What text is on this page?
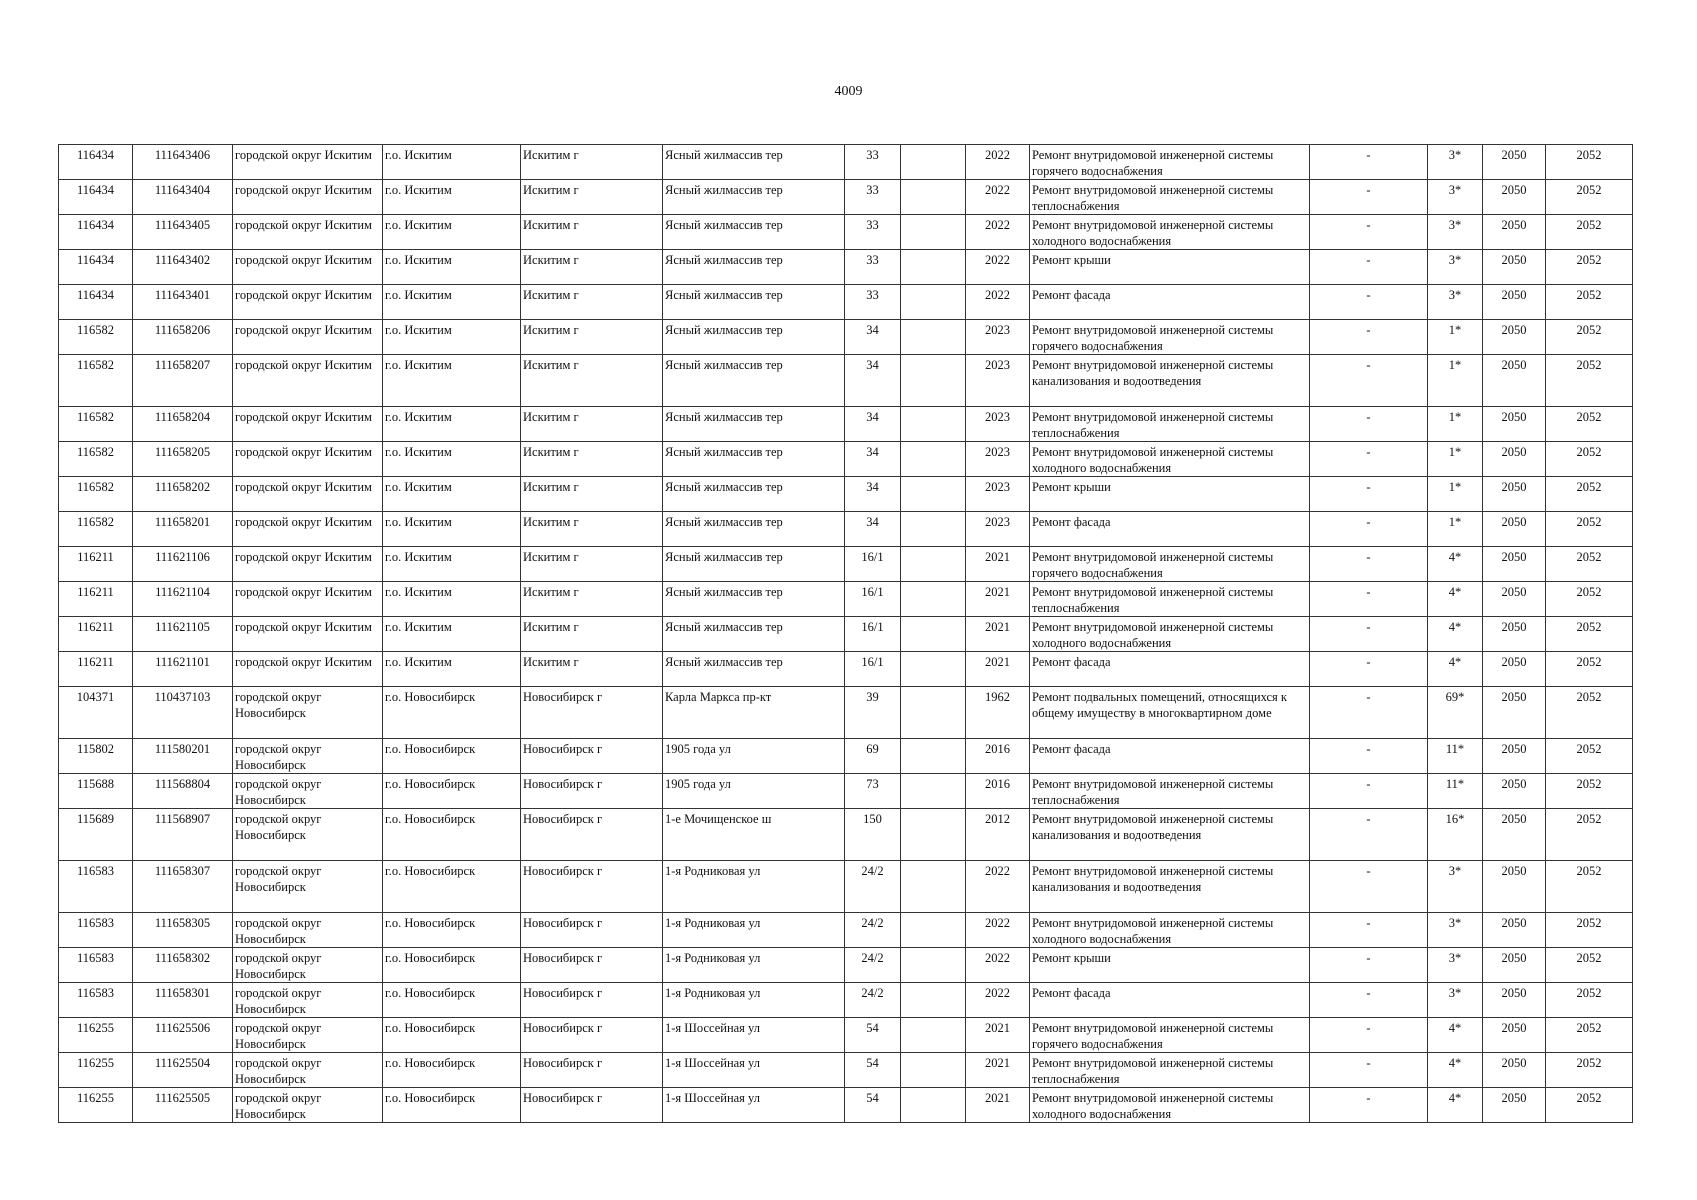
4009
116434	111643406	городской округ Искитим	г.о. Искитим	Искитим г	Ясный жилмассив тер	33		2022	Ремонт внутридомовой инженерной системы горячего водоснабжения	-	3*	2050	2052
116434	111643404	городской округ Искитим	г.о. Искитим	Искитим г	Ясный жилмассив тер	33		2022	Ремонт внутридомовой инженерной системы теплоснабжения	-	3*	2050	2052
116434	111643405	городской округ Искитим	г.о. Искитим	Искитим г	Ясный жилмассив тер	33		2022	Ремонт внутридомовой инженерной системы холодного водоснабжения	-	3*	2050	2052
116434	111643402	городской округ Искитим	г.о. Искитим	Искитим г	Ясный жилмассив тер	33		2022	Ремонт крыши	-	3*	2050	2052
116434	111643401	городской округ Искитим	г.о. Искитим	Искитим г	Ясный жилмассив тер	33		2022	Ремонт фасада	-	3*	2050	2052
116582	111658206	городской округ Искитим	г.о. Искитим	Искитим г	Ясный жилмассив тер	34		2023	Ремонт внутридомовой инженерной системы горячего водоснабжения	-	1*	2050	2052
116582	111658207	городской округ Искитим	г.о. Искитим	Искитим г	Ясный жилмассив тер	34		2023	Ремонт внутридомовой инженерной системы канализования и водоотведения	-	1*	2050	2052
116582	111658204	городской округ Искитим	г.о. Искитим	Искитим г	Ясный жилмассив тер	34		2023	Ремонт внутридомовой инженерной системы теплоснабжения	-	1*	2050	2052
116582	111658205	городской округ Искитим	г.о. Искитим	Искитим г	Ясный жилмассив тер	34		2023	Ремонт внутридомовой инженерной системы холодного водоснабжения	-	1*	2050	2052
116582	111658202	городской округ Искитим	г.о. Искитим	Искитим г	Ясный жилмассив тер	34		2023	Ремонт крыши	-	1*	2050	2052
116582	111658201	городской округ Искитим	г.о. Искитим	Искитим г	Ясный жилмассив тер	34		2023	Ремонт фасада	-	1*	2050	2052
116211	111621106	городской округ Искитим	г.о. Искитим	Искитим г	Ясный жилмассив тер	16/1		2021	Ремонт внутридомовой инженерной системы горячего водоснабжения	-	4*	2050	2052
116211	111621104	городской округ Искитим	г.о. Искитим	Искитим г	Ясный жилмассив тер	16/1		2021	Ремонт внутридомовой инженерной системы теплоснабжения	-	4*	2050	2052
116211	111621105	городской округ Искитим	г.о. Искитим	Искитим г	Ясный жилмассив тер	16/1		2021	Ремонт внутридомовой инженерной системы холодного водоснабжения	-	4*	2050	2052
116211	111621101	городской округ Искитим	г.о. Искитим	Искитим г	Ясный жилмассив тер	16/1		2021	Ремонт фасада	-	4*	2050	2052
104371	110437103	городской округ Новосибирск	г.о. Новосибирск	Новосибирск г	Карла Маркса пр-кт	39		1962	Ремонт подвальных помещений, относящихся к общему имуществу в многоквартирном доме	-	69*	2050	2052
115802	111580201	городской округ Новосибирск	г.о. Новосибирск	Новосибирск г	1905 года ул	69		2016	Ремонт фасада	-	11*	2050	2052
115688	111568804	городской округ Новосибирск	г.о. Новосибирск	Новосибирск г	1905 года ул	73		2016	Ремонт внутридомовой инженерной системы теплоснабжения	-	11*	2050	2052
115689	111568907	городской округ Новосибирск	г.о. Новосибирск	Новосибирск г	1-е Мочищенское ш	150		2012	Ремонт внутридомовой инженерной системы канализования и водоотведения	-	16*	2050	2052
116583	111658307	городской округ Новосибирск	г.о. Новосибирск	Новосибирск г	1-я Родниковая ул	24/2		2022	Ремонт внутридомовой инженерной системы канализования и водоотведения	-	3*	2050	2052
116583	111658305	городской округ Новосибирск	г.о. Новосибирск	Новосибирск г	1-я Родниковая ул	24/2		2022	Ремонт внутридомовой инженерной системы холодного водоснабжения	-	3*	2050	2052
116583	111658302	городской округ Новосибирск	г.о. Новосибирск	Новосибирск г	1-я Родниковая ул	24/2		2022	Ремонт крыши	-	3*	2050	2052
116583	111658301	городской округ Новосибирск	г.о. Новосибирск	Новосибирск г	1-я Родниковая ул	24/2		2022	Ремонт фасада	-	3*	2050	2052
116255	111625506	городской округ Новосибирск	г.о. Новосибирск	Новосибирск г	1-я Шоссейная ул	54		2021	Ремонт внутридомовой инженерной системы горячего водоснабжения	-	4*	2050	2052
116255	111625504	городской округ Новосибирск	г.о. Новосибирск	Новосибирск г	1-я Шоссейная ул	54		2021	Ремонт внутридомовой инженерной системы теплоснабжения	-	4*	2050	2052
116255	111625505	городской округ Новосибирск	г.о. Новосибирск	Новосибирск г	1-я Шоссейная ул	54		2021	Ремонт внутридомовой инженерной системы холодного водоснабжения	-	4*	2050	2052
